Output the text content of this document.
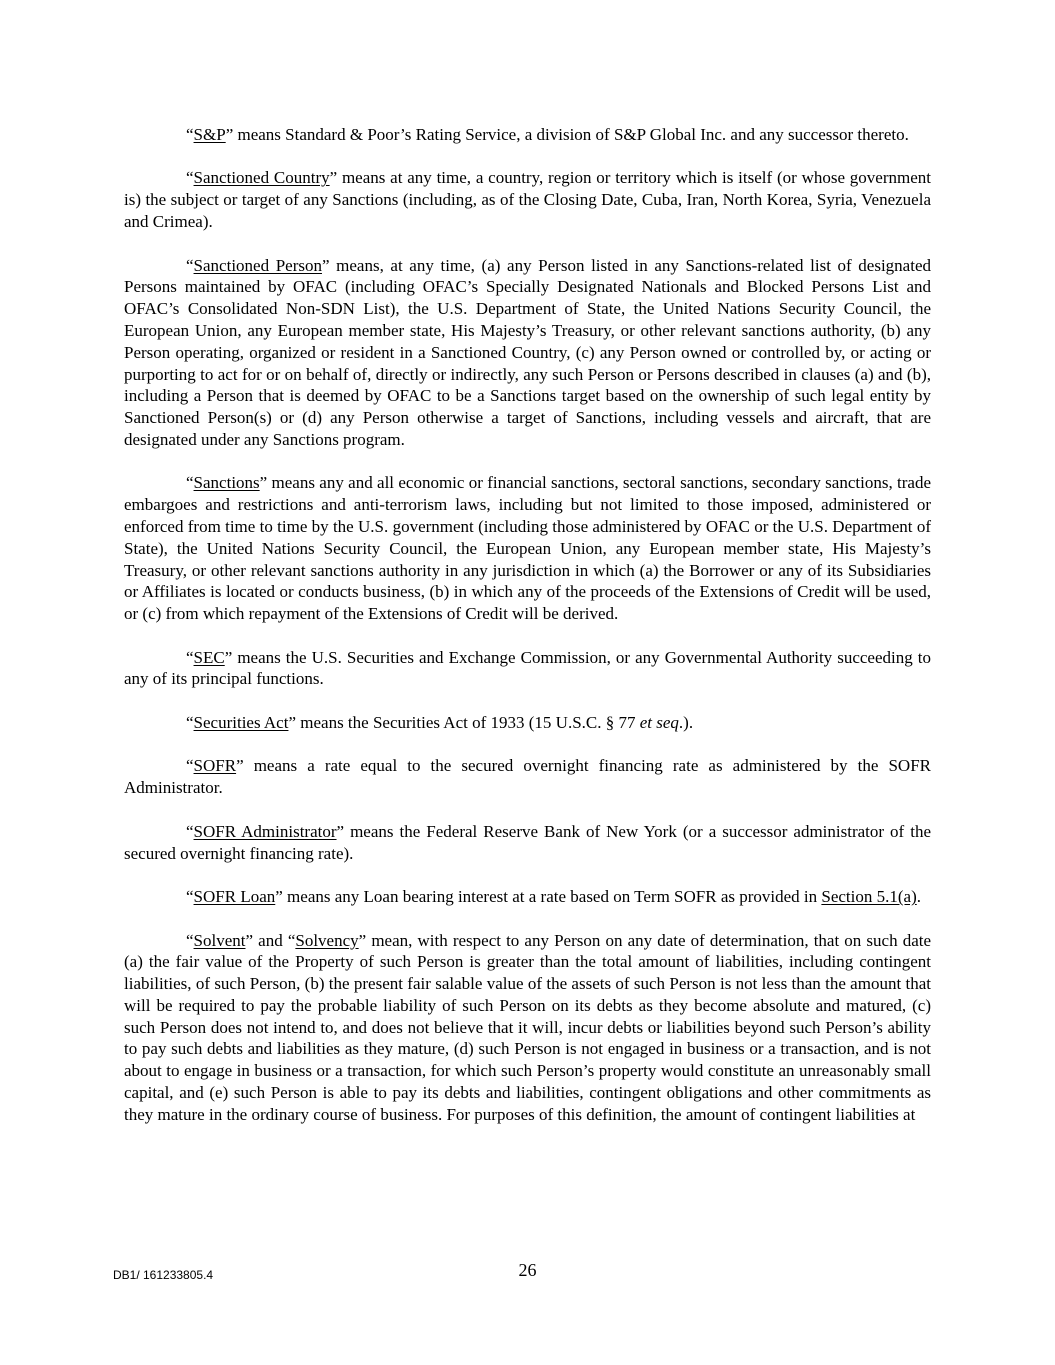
“S&P” means Standard & Poor’s Rating Service, a division of S&P Global Inc. and any successor thereto.

“Sanctioned Country” means at any time, a country, region or territory which is itself (or whose government is) the subject or target of any Sanctions (including, as of the Closing Date, Cuba, Iran, North Korea, Syria, Venezuela and Crimea).

“Sanctioned Person” means, at any time, (a) any Person listed in any Sanctions-related list of designated Persons maintained by OFAC (including OFAC’s Specially Designated Nationals and Blocked Persons List and OFAC’s Consolidated Non-SDN List), the U.S. Department of State, the United Nations Security Council, the European Union, any European member state, His Majesty’s Treasury, or other relevant sanctions authority, (b) any Person operating, organized or resident in a Sanctioned Country, (c) any Person owned or controlled by, or acting or purporting to act for or on behalf of, directly or indirectly, any such Person or Persons described in clauses (a) and (b), including a Person that is deemed by OFAC to be a Sanctions target based on the ownership of such legal entity by Sanctioned Person(s) or (d) any Person otherwise a target of Sanctions, including vessels and aircraft, that are designated under any Sanctions program.

“Sanctions” means any and all economic or financial sanctions, sectoral sanctions, secondary sanctions, trade embargoes and restrictions and anti-terrorism laws, including but not limited to those imposed, administered or enforced from time to time by the U.S. government (including those administered by OFAC or the U.S. Department of State), the United Nations Security Council, the European Union, any European member state, His Majesty’s Treasury, or other relevant sanctions authority in any jurisdiction in which (a) the Borrower or any of its Subsidiaries or Affiliates is located or conducts business, (b) in which any of the proceeds of the Extensions of Credit will be used, or (c) from which repayment of the Extensions of Credit will be derived.

“SEC” means the U.S. Securities and Exchange Commission, or any Governmental Authority succeeding to any of its principal functions.

“Securities Act” means the Securities Act of 1933 (15 U.S.C. § 77 et seq.).

“SOFR” means a rate equal to the secured overnight financing rate as administered by the SOFR Administrator.

“SOFR Administrator” means the Federal Reserve Bank of New York (or a successor administrator of the secured overnight financing rate).

“SOFR Loan” means any Loan bearing interest at a rate based on Term SOFR as provided in Section 5.1(a).

“Solvent” and “Solvency” mean, with respect to any Person on any date of determination, that on such date (a) the fair value of the Property of such Person is greater than the total amount of liabilities, including contingent liabilities, of such Person, (b) the present fair salable value of the assets of such Person is not less than the amount that will be required to pay the probable liability of such Person on its debts as they become absolute and matured, (c) such Person does not intend to, and does not believe that it will, incur debts or liabilities beyond such Person’s ability to pay such debts and liabilities as they mature, (d) such Person is not engaged in business or a transaction, and is not about to engage in business or a transaction, for which such Person’s property would constitute an unreasonably small capital, and (e) such Person is able to pay its debts and liabilities, contingent obligations and other commitments as they mature in the ordinary course of business. For purposes of this definition, the amount of contingent liabilities at

DB1/ 161233805.4	26
